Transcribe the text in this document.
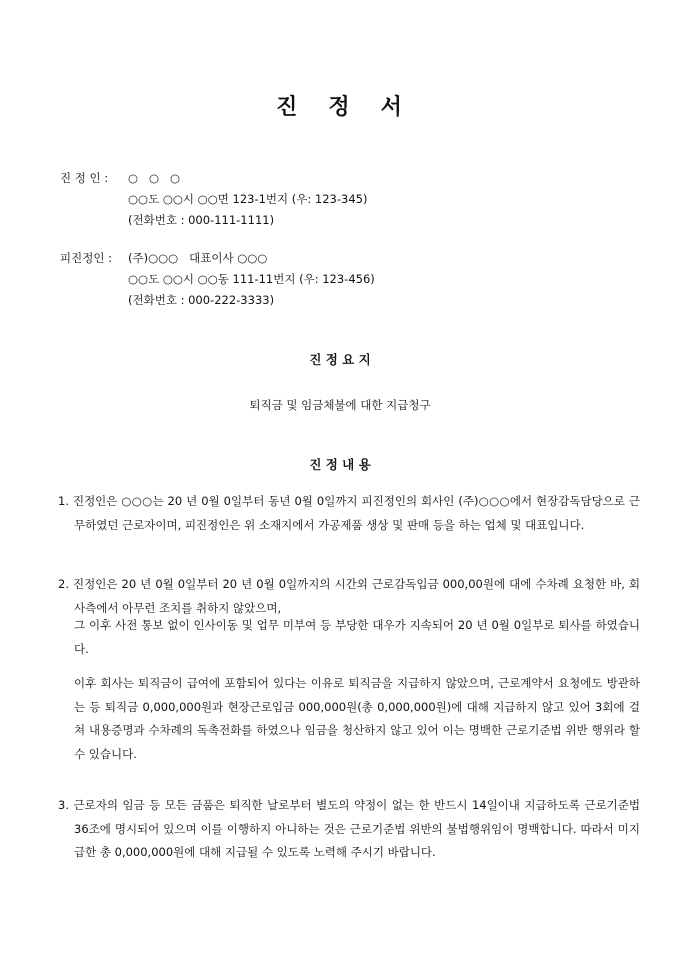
진   정   서
진 정 인 :	○   ○   ○
○○도 ○○시 ○○면 123-1번지 (우: 123-345)
(전화번호 : 000-111-1111)
피진정인 :	(주)○○○   대표이사 ○○○
○○도 ○○시 ○○동 111-11번지 (우: 123-456)
(전화번호 : 000-222-3333)
진 정 요 지
퇴직금 및 임금체불에 대한 지급청구
진 정 내 용
1. 진정인은 ○○○는 20 년 0월 0일부터 동년 0월 0일까지 피진정인의 회사인 (주)○○○에서 현장감독담당으로 근무하였던 근로자이며, 피진정인은 위 소재지에서 가공제품 생상 및 판매 등을 하는 업체 및 대표입니다.
2. 진정인은 20 년 0월 0일부터 20 년 0월 0일까지의 시간외 근로감독입금 000,00원에 대에 수차례 요청한 바, 회사측에서 아무런 조치를 취하지 않았으며,
그 이후 사전 통보 없이 인사이동 및 업무 미부여 등 부당한 대우가 지속되어 20 년 0월 0일부로 퇴사를 하였습니다.
이후 회사는 퇴직금이 급여에 포함되어 있다는 이유로 퇴직금을 지급하지 않았으며, 근로계약서 요청에도 방관하는 등 퇴직금 0,000,000원과 현장근로입금 000,000원(총 0,000,000원)에 대해 지급하지 않고 있어 3회에 걸쳐 내용증명과 수차례의 독촉전화를 하였으나 임금을 청산하지 않고 있어 이는 명백한 근로기준법 위반 행위라 할 수 있습니다.
3. 근로자의 임금 등 모든 금품은 퇴직한 날로부터 별도의 약정이 없는 한 반드시 14일이내 지급하도록 근로기준법 36조에 명시되어 있으며 이를 이행하지 아니하는 것은 근로기준법 위반의 불법행위임이 명백합니다. 따라서 미지급한 총 0,000,000원에 대해 지급될 수 있도록 노력해 주시기 바랍니다.
